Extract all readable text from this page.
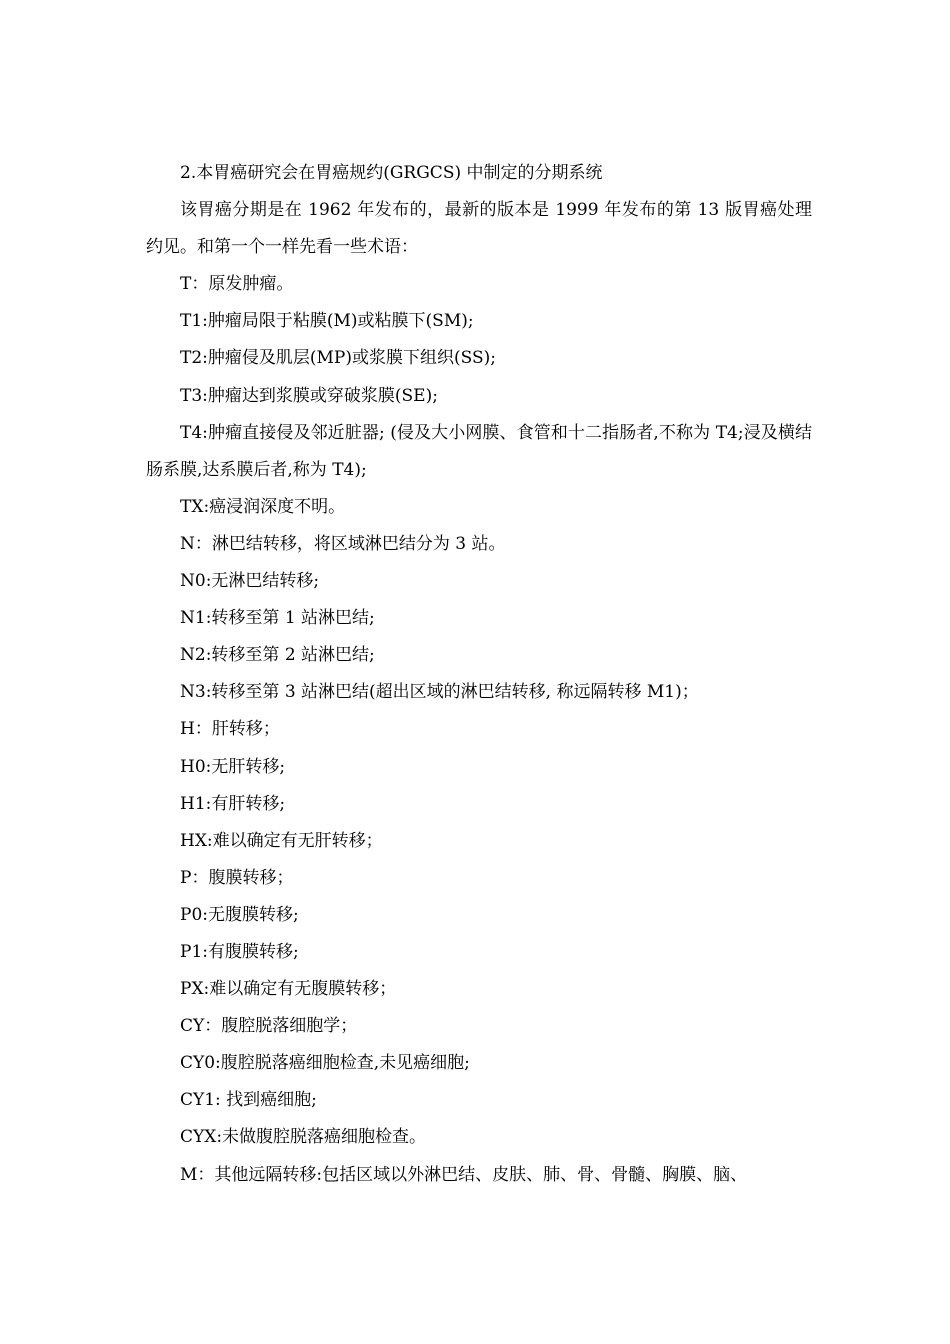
2.本胃癌研究会在胃癌规约(GRGCS) 中制定的分期系统

该胃癌分期是在 1962 年发布的，最新的版本是 1999 年发布的第 13 版胃癌处理约见。和第一个一样先看一些术语：

T：原发肿瘤。

T1:肿瘤局限于粘膜(M)或粘膜下(SM);

T2:肿瘤侵及肌层(MP)或浆膜下组织(SS);

T3:肿瘤达到浆膜或穿破浆膜(SE);

T4:肿瘤直接侵及邻近脏器; (侵及大小网膜、食管和十二指肠者,不称为 T4;浸及横结肠系膜,达系膜后者,称为 T4);

TX:癌浸润深度不明。

N：淋巴结转移，将区域淋巴结分为 3 站。

N0:无淋巴结转移;

N1:转移至第 1 站淋巴结;

N2:转移至第 2 站淋巴结;

N3:转移至第 3 站淋巴结(超出区域的淋巴结转移, 称远隔转移 M1)；

H：肝转移；

H0:无肝转移;

H1:有肝转移;

HX:难以确定有无肝转移；

P：腹膜转移；

P0:无腹膜转移;

P1:有腹膜转移;

PX:难以确定有无腹膜转移；

CY：腹腔脱落细胞学；

CY0:腹腔脱落癌细胞检查,未见癌细胞;

CY1: 找到癌细胞;

CYX:未做腹腔脱落癌细胞检查。

M：其他远隔转移:包括区域以外淋巴结、皮肤、肺、骨、骨髓、胸膜、脑、
